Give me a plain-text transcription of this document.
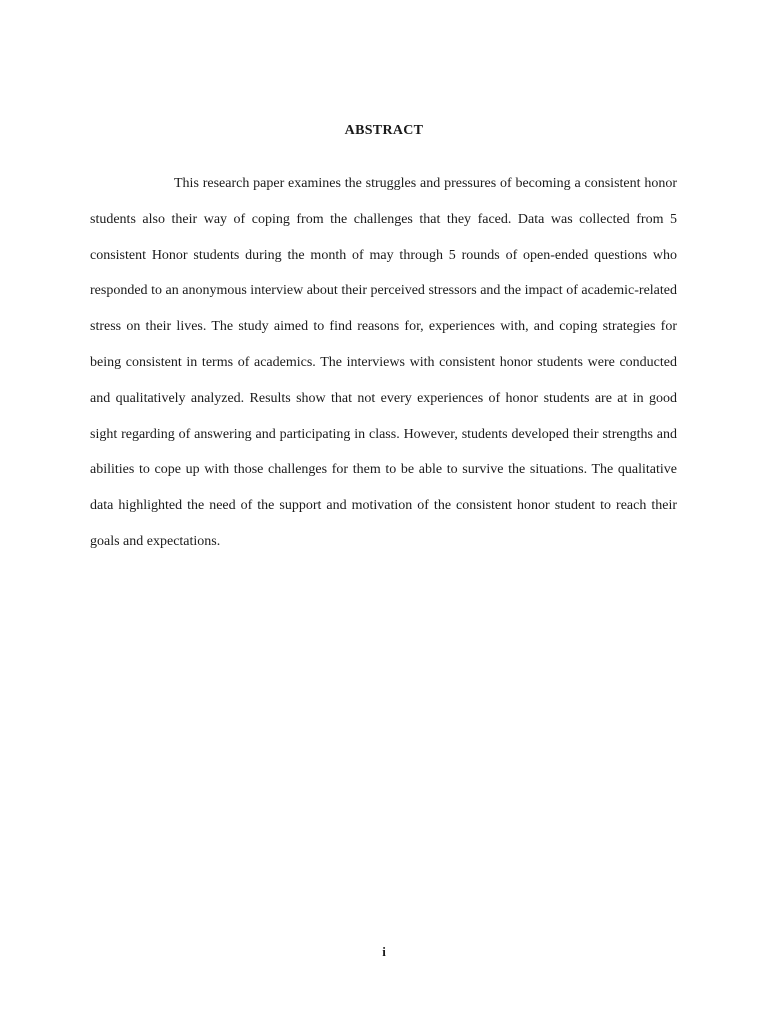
ABSTRACT

This research paper examines the struggles and pressures of becoming a consistent honor students also their way of coping from the challenges that they faced. Data was collected from 5 consistent Honor students during the month of may through 5 rounds of open-ended questions who responded to an anonymous interview about their perceived stressors and the impact of academic-related stress on their lives. The study aimed to find reasons for, experiences with, and coping strategies for being consistent in terms of academics. The interviews with consistent honor students were conducted and qualitatively analyzed. Results show that not every experiences of honor students are at in good sight regarding of answering and participating in class. However, students developed their strengths and abilities to cope up with those challenges for them to be able to survive the situations. The qualitative data highlighted the need of the support and motivation of the consistent honor student to reach their goals and expectations.

i
